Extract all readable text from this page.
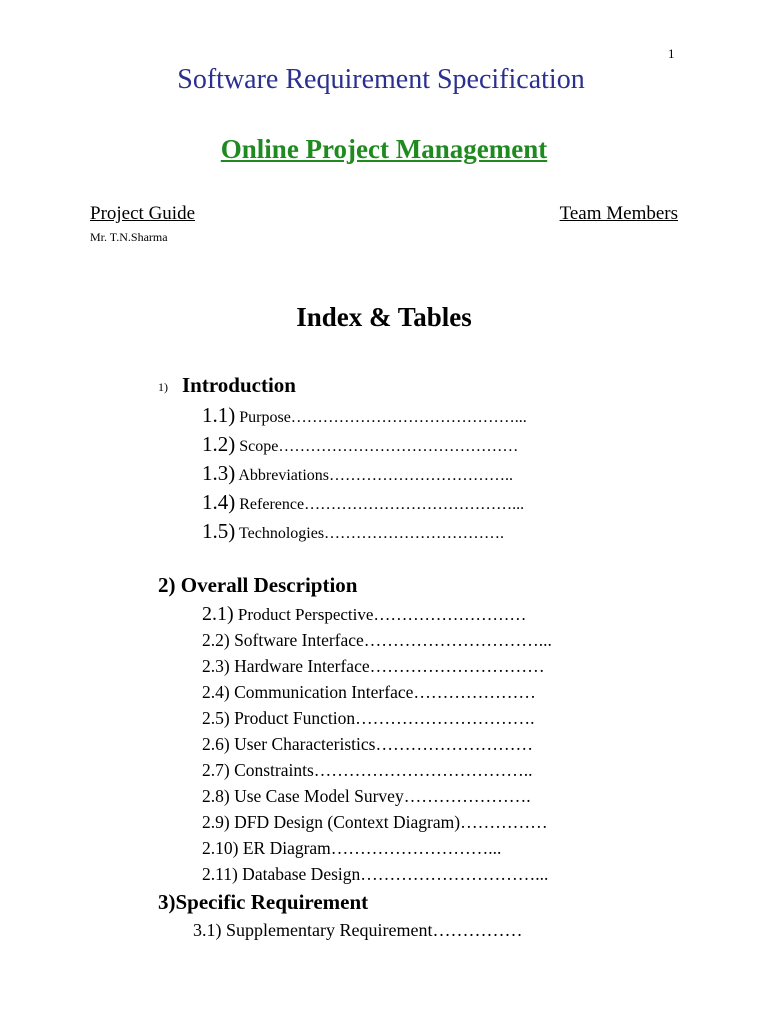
1
Software Requirement Specification
Online Project Management
Project Guide	Team Members
Mr. T.N.Sharma
Index & Tables
1) Introduction
1.1) Purpose……………………………………...
1.2) Scope………………………………………
1.3) Abbreviations……………………………..
1.4) Reference…………………………………...
1.5) Technologies…………………………….
2) Overall Description
2.1) Product Perspective………………………
2.2) Software Interface…………………………...
2.3) Hardware Interface…………………………
2.4) Communication Interface…………………
2.5) Product Function………………………….
2.6) User Characteristics………………………
2.7) Constraints………………………………..
2.8) Use Case Model Survey………………….
2.9) DFD Design (Context Diagram)……………
2.10) ER Diagram………………………...
2.11) Database Design…………………………...
3)Specific Requirement
3.1) Supplementary Requirement……………
